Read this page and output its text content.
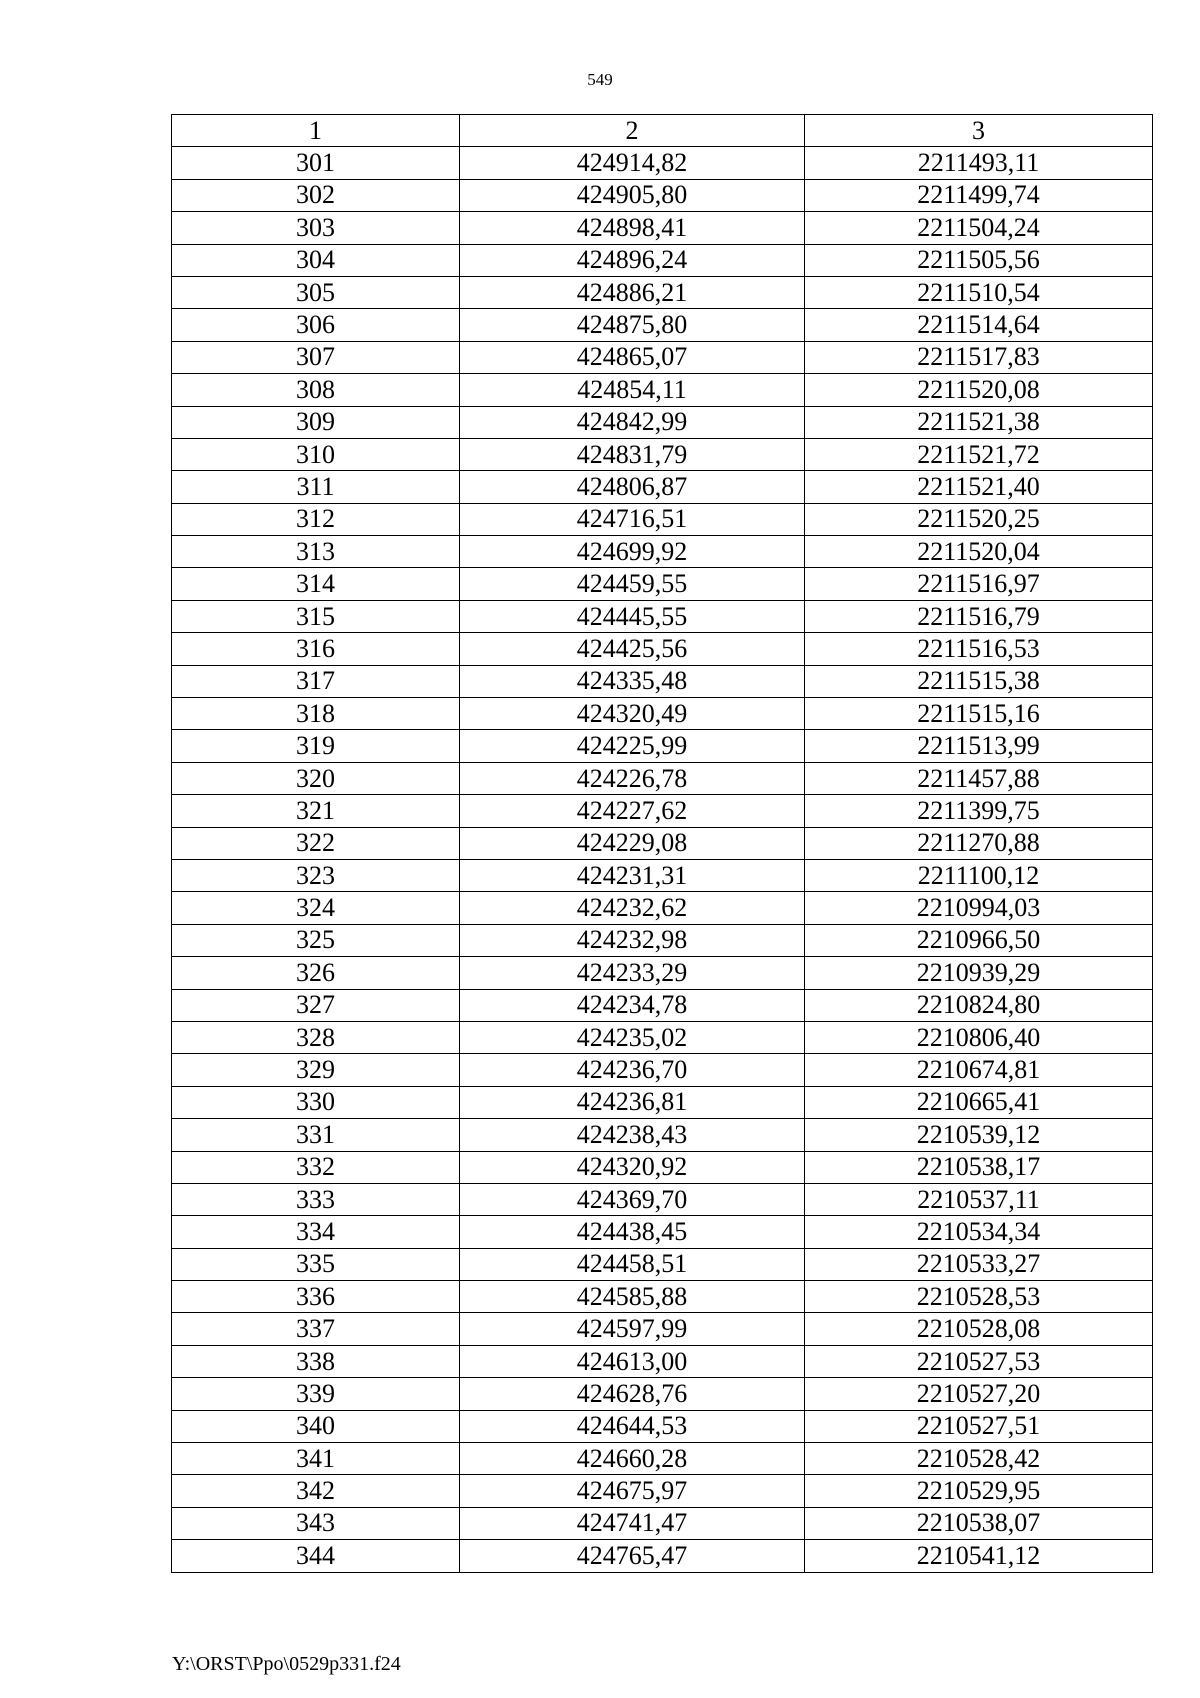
549
1	2	3
301	424914,82	2211493,11
302	424905,80	2211499,74
303	424898,41	2211504,24
304	424896,24	2211505,56
305	424886,21	2211510,54
306	424875,80	2211514,64
307	424865,07	2211517,83
308	424854,11	2211520,08
309	424842,99	2211521,38
310	424831,79	2211521,72
311	424806,87	2211521,40
312	424716,51	2211520,25
313	424699,92	2211520,04
314	424459,55	2211516,97
315	424445,55	2211516,79
316	424425,56	2211516,53
317	424335,48	2211515,38
318	424320,49	2211515,16
319	424225,99	2211513,99
320	424226,78	2211457,88
321	424227,62	2211399,75
322	424229,08	2211270,88
323	424231,31	2211100,12
324	424232,62	2210994,03
325	424232,98	2210966,50
326	424233,29	2210939,29
327	424234,78	2210824,80
328	424235,02	2210806,40
329	424236,70	2210674,81
330	424236,81	2210665,41
331	424238,43	2210539,12
332	424320,92	2210538,17
333	424369,70	2210537,11
334	424438,45	2210534,34
335	424458,51	2210533,27
336	424585,88	2210528,53
337	424597,99	2210528,08
338	424613,00	2210527,53
339	424628,76	2210527,20
340	424644,53	2210527,51
341	424660,28	2210528,42
342	424675,97	2210529,95
343	424741,47	2210538,07
344	424765,47	2210541,12
Y:\ORST\Ppo\0529p331.f24
